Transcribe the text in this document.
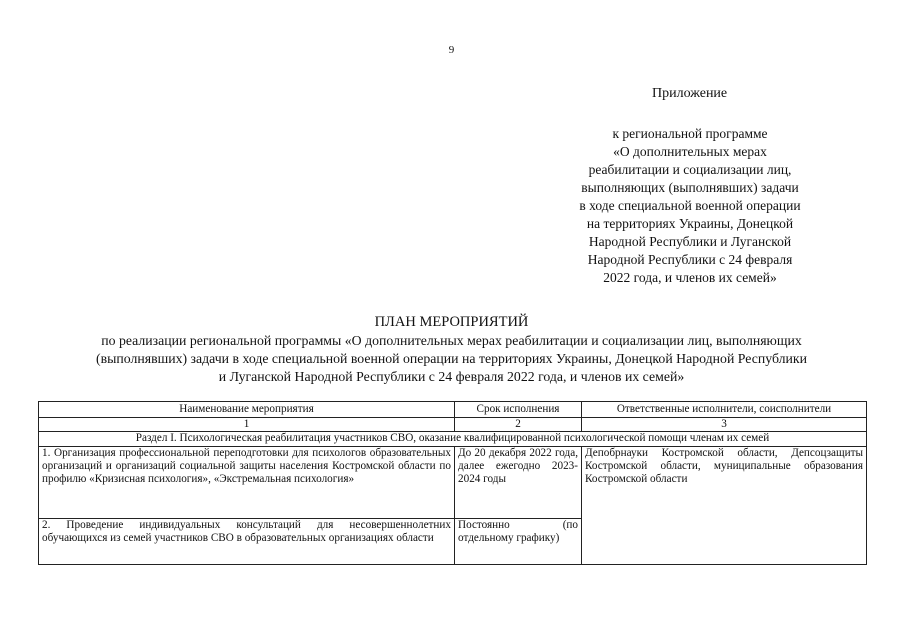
9
Приложение
к региональной программе
«О дополнительных мерах
реабилитации и социализации лиц,
выполняющих (выполнявших) задачи
в ходе специальной военной операции
на территориях Украины, Донецкой
Народной Республики и Луганской
Народной Республики с 24 февраля
2022 года, и членов их семей»
ПЛАН МЕРОПРИЯТИЙ
по реализации региональной программы «О дополнительных мерах реабилитации и социализации лиц, выполняющих
(выполнявших) задачи в ходе специальной военной операции на территориях Украины, Донецкой Народной Республики
и Луганской Народной Республики с 24 февраля 2022 года, и членов их семей»
Наименование мероприятия	Срок исполнения	Ответственные исполнители, соисполнители
1	2	3
Раздел I. Психологическая реабилитация участников СВО, оказание квалифицированной психологической помощи членам их семей		
1. Организация профессиональной переподготовки для психологов образовательных организаций и организаций социальной защиты населения Костромской области по профилю «Кризисная психология», «Экстремальная психология»	До 20 декабря 2022 года, далее ежегодно 2023-2024 годы	Депобрнауки Костромской области, Депсоцзащиты Костромской области, муниципальные образования Костромской области
2. Проведение индивидуальных консультаций для несовершеннолетних обучающихся из семей участников СВО в образовательных организациях области	Постоянно (по отдельному графику)	
